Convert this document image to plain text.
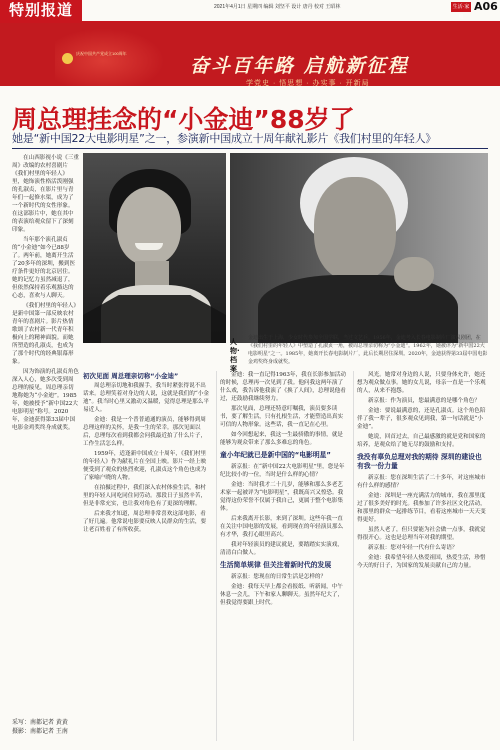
特别报道	2021年4月1日 星期四 编辑 刘坚平 设计 唐丹 校对 王昭林	生活·家庭
A06
庆祝中国共产党成立100周年
奋斗百年路 启航新征程
学党史 · 悟思想 · 办实事 · 开新局
周总理挂念的“小金迪”88岁了
她是“新中国22大电影明星”之一，参演新中国成立十周年献礼影片《我们村里的年轻人》

在山西影视小说《三重周》改编的农村喜剧片《我们村里的年轻人》里，她饰演性格活泼刚强的孔淑贞，在影片里与青年们一起修水渠，成为了一个新时代的女性形象。在这部影片中，她在其中的表演给观众留下了深刻印象。

当年那个演孔淑贞的“小金迪”如今已88岁了。两年前，她离开生活了20多年的深圳，搬到医疗条件更好的北京居住。她的记忆力虽然减退了，但依然保持着乐观豁达的心态，喜欢与人聊天。

《我们村里的年轻人》是新中国第一部反映农村青年的喜剧片。影片热情歌颂了农村新一代青年积极向上的精神面貌。而她所塑造的孔淑贞，也成为了那个时代的经典银幕形象。

因为饰演的孔淑贞角色深入人心，她多次受到周总理的接见，周总理亲切地称她为“小金迪”。1985年，她被授予“新中国22大电影明星”称号。2020年，金迪获得第33届中国电影金鸡奖终身成就奖。

人物·档案
金迪出生于上海，少女时代参加全国学联，当过文艺兵。1956年，金迪考入长春电影制片厂演员剧团，在《我们村里的年轻人》中塑造了孔淑贞一角，被周总理亲切称为“小金迪”。1962年，她被评为“新中国22大电影明星”之一。1985年，她离开长春电影制片厂，此后长期居住深圳。2020年，金迪获得第33届中国电影金鸡奖终身成就奖。
初次见面 周总理亲切称“小金迪”

周总理亲切地和我握手，我当时紧张得说不出话来。总理笑着对身边的人说，这就是我们的“小金迪”。我当时心里又激动又温暖，觉得总理是那么平易近人。

金迪：我是一个普普通通的演员，能够得到周总理这样的关怀，是我一生的荣幸。那次见面以后，总理每次看到我都会问我最近拍了什么片子，工作生活怎么样。

1959年，适逢新中国成立十周年，《我们村里的年轻人》作为献礼片在全国上映。影片一经上映便受到了观众的热烈欢迎，孔淑贞这个角色也成为了家喻户晓的人物。

在拍摄过程中，我们深入农村体验生活，和村里的年轻人同吃同住同劳动。那段日子虽然辛苦，但是非常充实，也让我对角色有了更深的理解。

后来我才知道，周总理非常喜欢这部电影，看了好几遍。他常说电影要反映人民群众的生活，要让老百姓看了有所收获。

金迪：我一直记得1963年，我在长影参加活动的时候，总理再一次见到了我。他问我这两年演了什么戏，我告诉他我演了《换了人间》，总理说他看过，还鼓励我继续努力。

那次见面，总理还特意叮嘱我，演员要多读书，要了解生活，只有扎根生活，才能塑造出真实可信的人物形象。这些话，我一直记在心里。

如今回想起来，我这一生最骄傲的事情，就是能够为观众带来了那么多难忘的角色。

童小年纪就已是新中国的“电影明星”

新京报：在“新中国22大电影明星”里，您是年纪比较小的一位，当时是什么样的心情？

金迪：当时我才二十几岁，能够和那么多老艺术家一起被评为“电影明星”，我既高兴又惶恐。我觉得这份荣誉不仅属于我自己，更属于整个电影集体。

后来我离开长影，来到了深圳。这些年我一直在关注中国电影的发展，看到现在的年轻演员那么有才华，我打心眼里高兴。

我对年轻演员的建议就是，要踏踏实实演戏，清清白白做人。

生活简单规律 但关注着新时代的发展

新京报：您现在的日常生活是怎样的？

金迪：我每天早上都会看报纸、听新闻，中午休息一会儿，下午和家人聊聊天。虽然年纪大了，但我觉得要跟上时代。

风光。她常对身边的人说，只要身体允许，她还想为观众做点事。她的女儿说，母亲一直是一个乐观的人，从来不抱怨。

新京报：作为演员，您最满意的是哪个角色？

金迪：要说最满意的，还是孔淑贞。这个角色陪伴了我一辈子，很多观众见到我，第一句话就是“小金迪”。

她说，回首过去，自己最感激的就是党和国家的培养，是观众给了她无尽的鼓励和支持。

我没有辜负总理对我的期待 深圳的建设也有我一份力量

新京报：您在深圳生活了二十多年，对这座城市有什么样的感情？

金迪：深圳是一座充满活力的城市，我在那里度过了很多美好的时光。我参加了许多社区文化活动，和那里的群众一起排练节目，看着这座城市一天天变得更好。

虽然人老了，但只要能为社会做一点事，我就觉得很开心。这也是总理当年对我的期望。

新京报：您对年轻一代有什么寄语？

金迪：我希望年轻人热爱祖国，热爱生活，珍惜今天的好日子，为国家的发展贡献自己的力量。

采写：南都记者 黄黄
摄影：南都记者 王南
